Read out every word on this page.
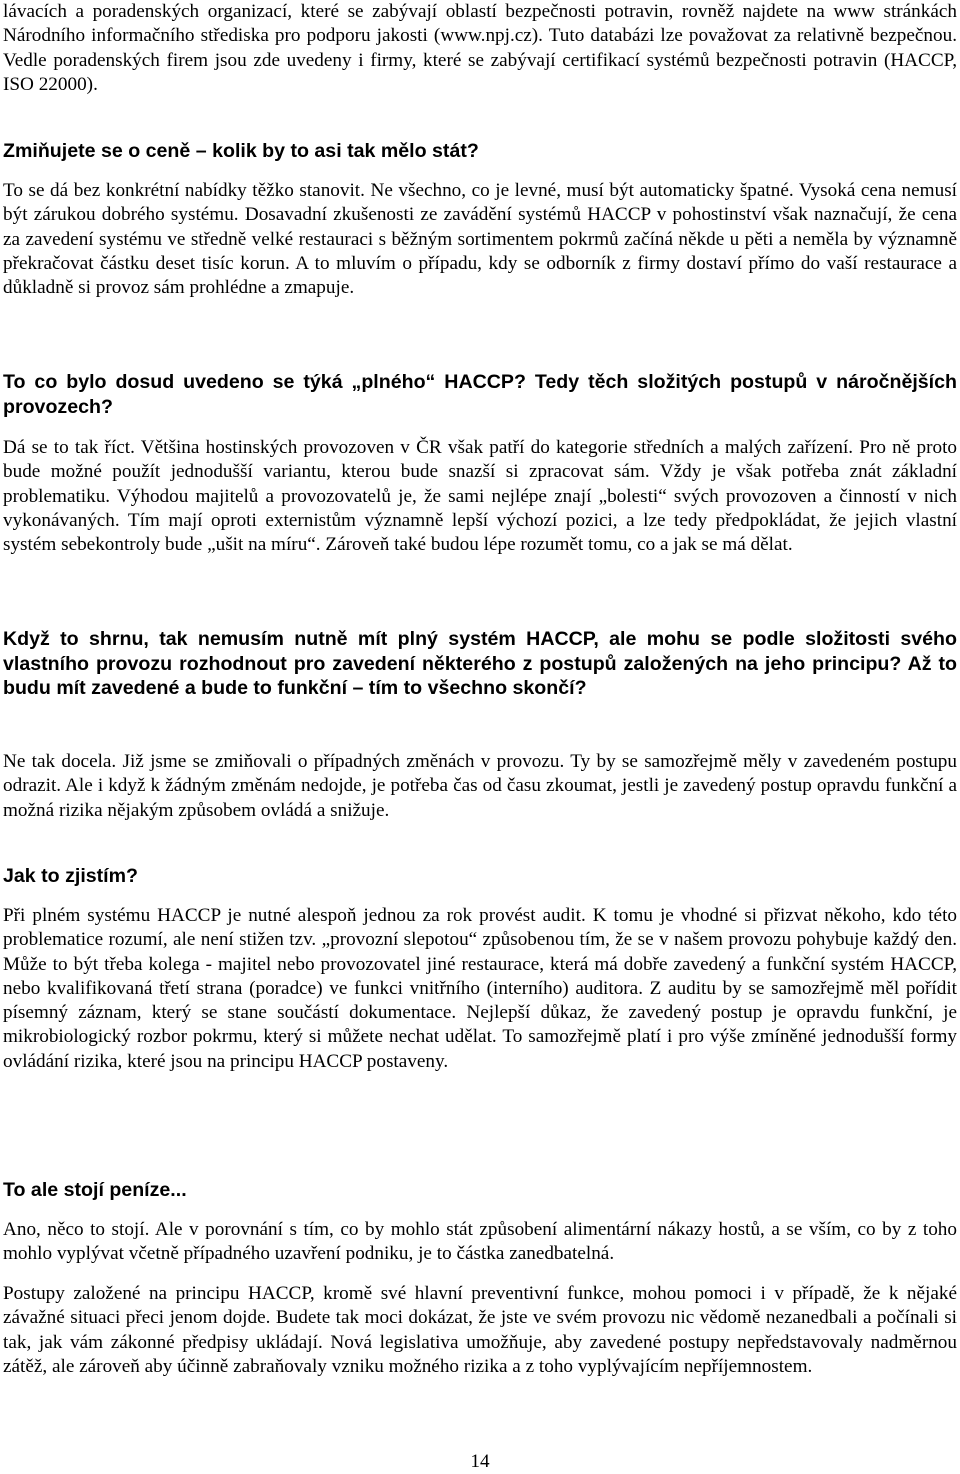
lávacích a poradenských organizací, které se zabývají oblastí bezpečnosti potravin, rovněž najdete na www stránkách Národního informačního střediska pro podporu jakosti (www.npj.cz). Tuto databázi lze považovat za relativně bezpečnou. Vedle poradenských firem jsou zde uvedeny i firmy, které se zabývají certifikací systémů bezpečnosti potravin (HACCP, ISO 22000).

Zmiňujete se o ceně – kolik by to asi tak mělo stát?

To se dá bez konkrétní nabídky těžko stanovit. Ne všechno, co je levné, musí být automaticky špatné. Vysoká cena nemusí být zárukou dobrého systému. Dosavadní zkušenosti ze zavádění systémů HACCP v pohostinství však naznačují, že cena za zavedení systému ve středně velké restauraci s běžným sortimentem pokrmů začíná někde u pěti a neměla by významně překračovat částku deset tisíc korun. A to mluvím o případu, kdy se odborník z firmy dostaví přímo do vaší restaurace a důkladně si provoz sám prohlédne a zmapuje.

To co bylo dosud uvedeno se týká „plného“ HACCP? Tedy těch složitých postupů v náročnějších provozech?

Dá se to tak říct. Většina hostinských provozoven v ČR však patří do kategorie středních a malých zařízení. Pro ně proto bude možné použít jednodušší variantu, kterou bude snazší si zpracovat sám. Vždy je však potřeba znát základní problematiku. Výhodou majitelů a provozovatelů je, že sami nejlépe znají „bolesti“ svých provozoven a činností v nich vykonávaných. Tím mají oproti externistům významně lepší výchozí pozici, a lze tedy předpokládat, že jejich vlastní systém sebekontroly bude „ušit na míru“. Zároveň také budou lépe rozumět tomu, co a jak se má dělat.

Když to shrnu, tak nemusím nutně mít plný systém HACCP, ale mohu se podle složitosti svého vlastního provozu rozhodnout pro zavedení některého z postupů založených na jeho principu? Až to budu mít zavedené a bude to funkční – tím to všechno skončí?

Ne tak docela. Již jsme se zmiňovali o případných změnách v provozu. Ty by se samozřejmě měly v zavedeném postupu odrazit. Ale i když k žádným změnám nedojde, je potřeba čas od času zkoumat, jestli je zavedený postup opravdu funkční a možná rizika nějakým způsobem ovládá a snižuje.

Jak to zjistím?

Při plném systému HACCP je nutné alespoň jednou za rok provést audit. K tomu je vhodné si přizvat někoho, kdo této problematice rozumí, ale není stižen tzv. „provozní slepotou“ způsobenou tím, že se v našem provozu pohybuje každý den. Může to být třeba kolega - majitel nebo provozovatel jiné restaurace, která má dobře zavedený a funkční systém HACCP, nebo kvalifikovaná třetí strana (poradce) ve funkci vnitřního (interního) auditora. Z auditu by se samozřejmě měl pořídit písemný záznam, který se stane součástí dokumentace. Nejlepší důkaz, že zavedený postup je opravdu funkční, je mikrobiologický rozbor pokrmu, který si můžete nechat udělat. To samozřejmě platí i pro výše zmíněné jednodušší formy ovládání rizika, které jsou na principu HACCP postaveny.

To ale stojí peníze...

Ano, něco to stojí. Ale v porovnání s tím, co by mohlo stát způsobení alimentární nákazy hostů, a se vším, co by z toho mohlo vyplývat včetně případného uzavření podniku, je to částka zanedbatelná.

Postupy založené na principu HACCP, kromě své hlavní preventivní funkce, mohou pomoci i v případě, že k nějaké závažné situaci přeci jenom dojde. Budete tak moci dokázat, že jste ve svém provozu nic vědomě nezanedbali a počínali si tak, jak vám zákonné předpisy ukládají. Nová legislativa umožňuje, aby zavedené postupy nepředstavovaly nadměrnou zátěž, ale zároveň aby účinně zabraňovaly vzniku možného rizika a z toho vyplývajícím nepříjemnostem.

14
